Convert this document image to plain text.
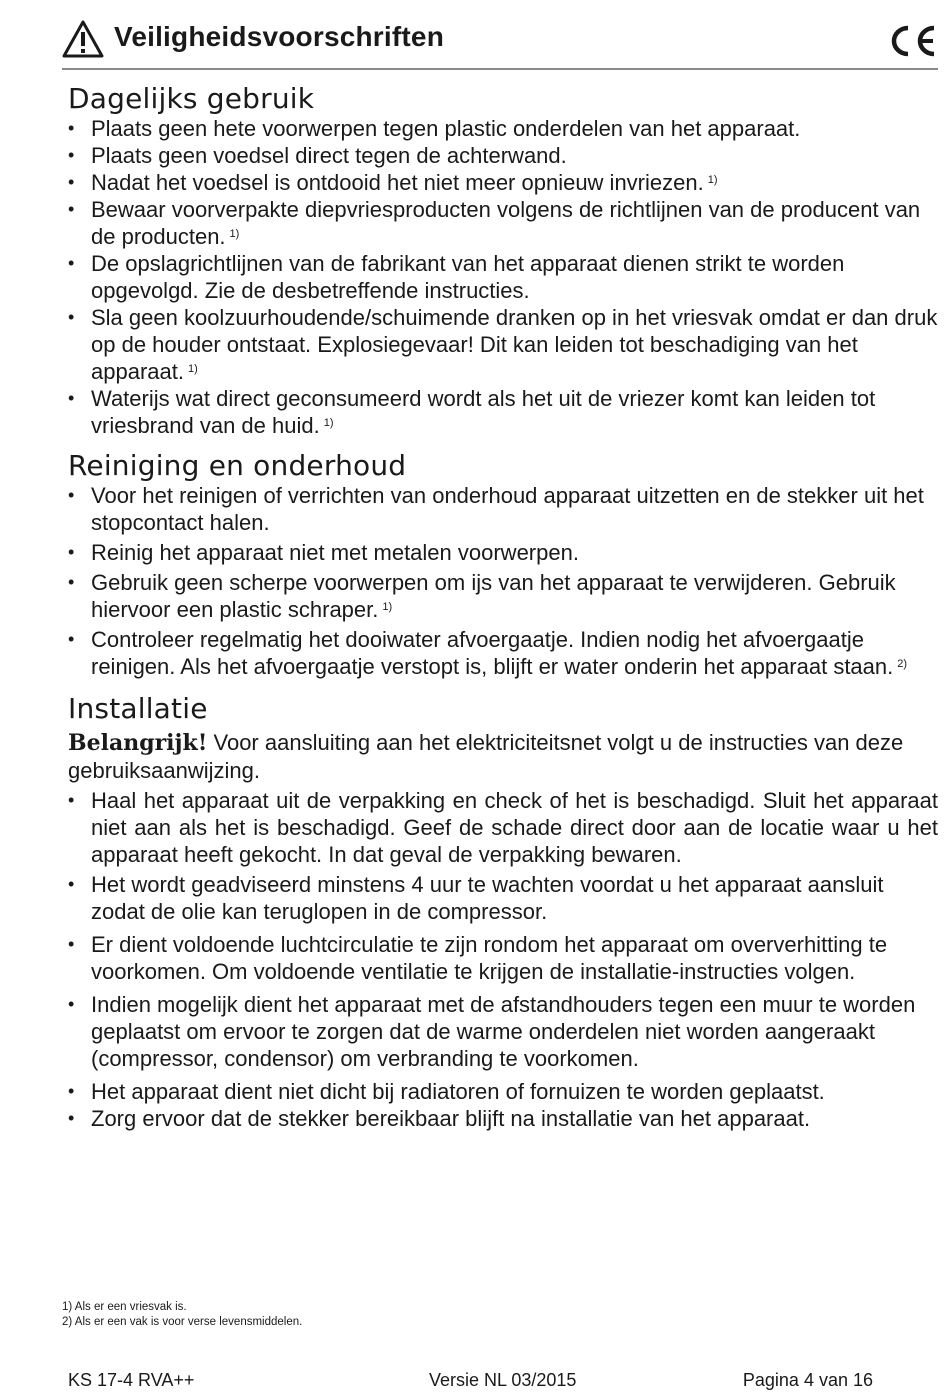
Veiligheidsvoorschriften
Dagelijks gebruik
• Plaats geen hete voorwerpen tegen plastic onderdelen van het apparaat.
• Plaats geen voedsel direct tegen de achterwand.
• Nadat het voedsel is ontdooid het niet meer opnieuw invriezen. $^{1)}$
• Bewaar voorverpakte diepvriesproducten volgens de richtlijnen van de producent van de producten. $^{1)}$
• De opslagrichtlijnen van de fabrikant van het apparaat dienen strikt te worden opgevolgd. Zie de desbetreffende instructies.
• Sla geen koolzuurhoudende/schuimende dranken op in het vriesvak omdat er dan druk op de houder ontstaat. Explosiegevaar! Dit kan leiden tot beschadiging van het apparaat. $^{1)}$
• Waterijs wat direct geconsumeerd wordt als het uit de vriezer komt kan leiden tot vriesbrand van de huid. $^{1)}$
Reiniging en onderhoud
• Voor het reinigen of verrichten van onderhoud apparaat uitzetten en de stekker uit het stopcontact halen.
• Reinig het apparaat niet met metalen voorwerpen.
• Gebruik geen scherpe voorwerpen om ijs van het apparaat te verwijderen. Gebruik hiervoor een plastic schraper. $^{1)}$
• Controleer regelmatig het dooiwater afvoergaatje. Indien nodig het afvoergaatje reinigen. Als het afvoergaatje verstopt is, blijft er water onderin het apparaat staan. $^{2)}$
Installatie
Belangrijk! Voor aansluiting aan het elektriciteitsnet volgt u de instructies van deze gebruiksaanwijzing.
• Haal het apparaat uit de verpakking en check of het is beschadigd. Sluit het apparaat niet aan als het is beschadigd. Geef de schade direct door aan de locatie waar u het apparaat heeft gekocht. In dat geval de verpakking bewaren.
• Het wordt geadviseerd minstens 4 uur te wachten voordat u het apparaat aansluit zodat de olie kan teruglopen in de compressor.
• Er dient voldoende luchtcirculatie te zijn rondom het apparaat om oververhitting te voorkomen. Om voldoende ventilatie te krijgen de installatie-instructies volgen.
• Indien mogelijk dient het apparaat met de afstandhouders tegen een muur te worden geplaatst om ervoor te zorgen dat de warme onderdelen niet worden aangeraakt (compressor, condensor) om verbranding te voorkomen.
• Het apparaat dient niet dicht bij radiatoren of fornuizen te worden geplaatst.
• Zorg ervoor dat de stekker bereikbaar blijft na installatie van het apparaat.
1) Als er een vriesvak is.
2) Als er een vak is voor verse levensmiddelen.
KS 17-4 RVA++	Versie NL 03/2015	Pagina 4 van 16
